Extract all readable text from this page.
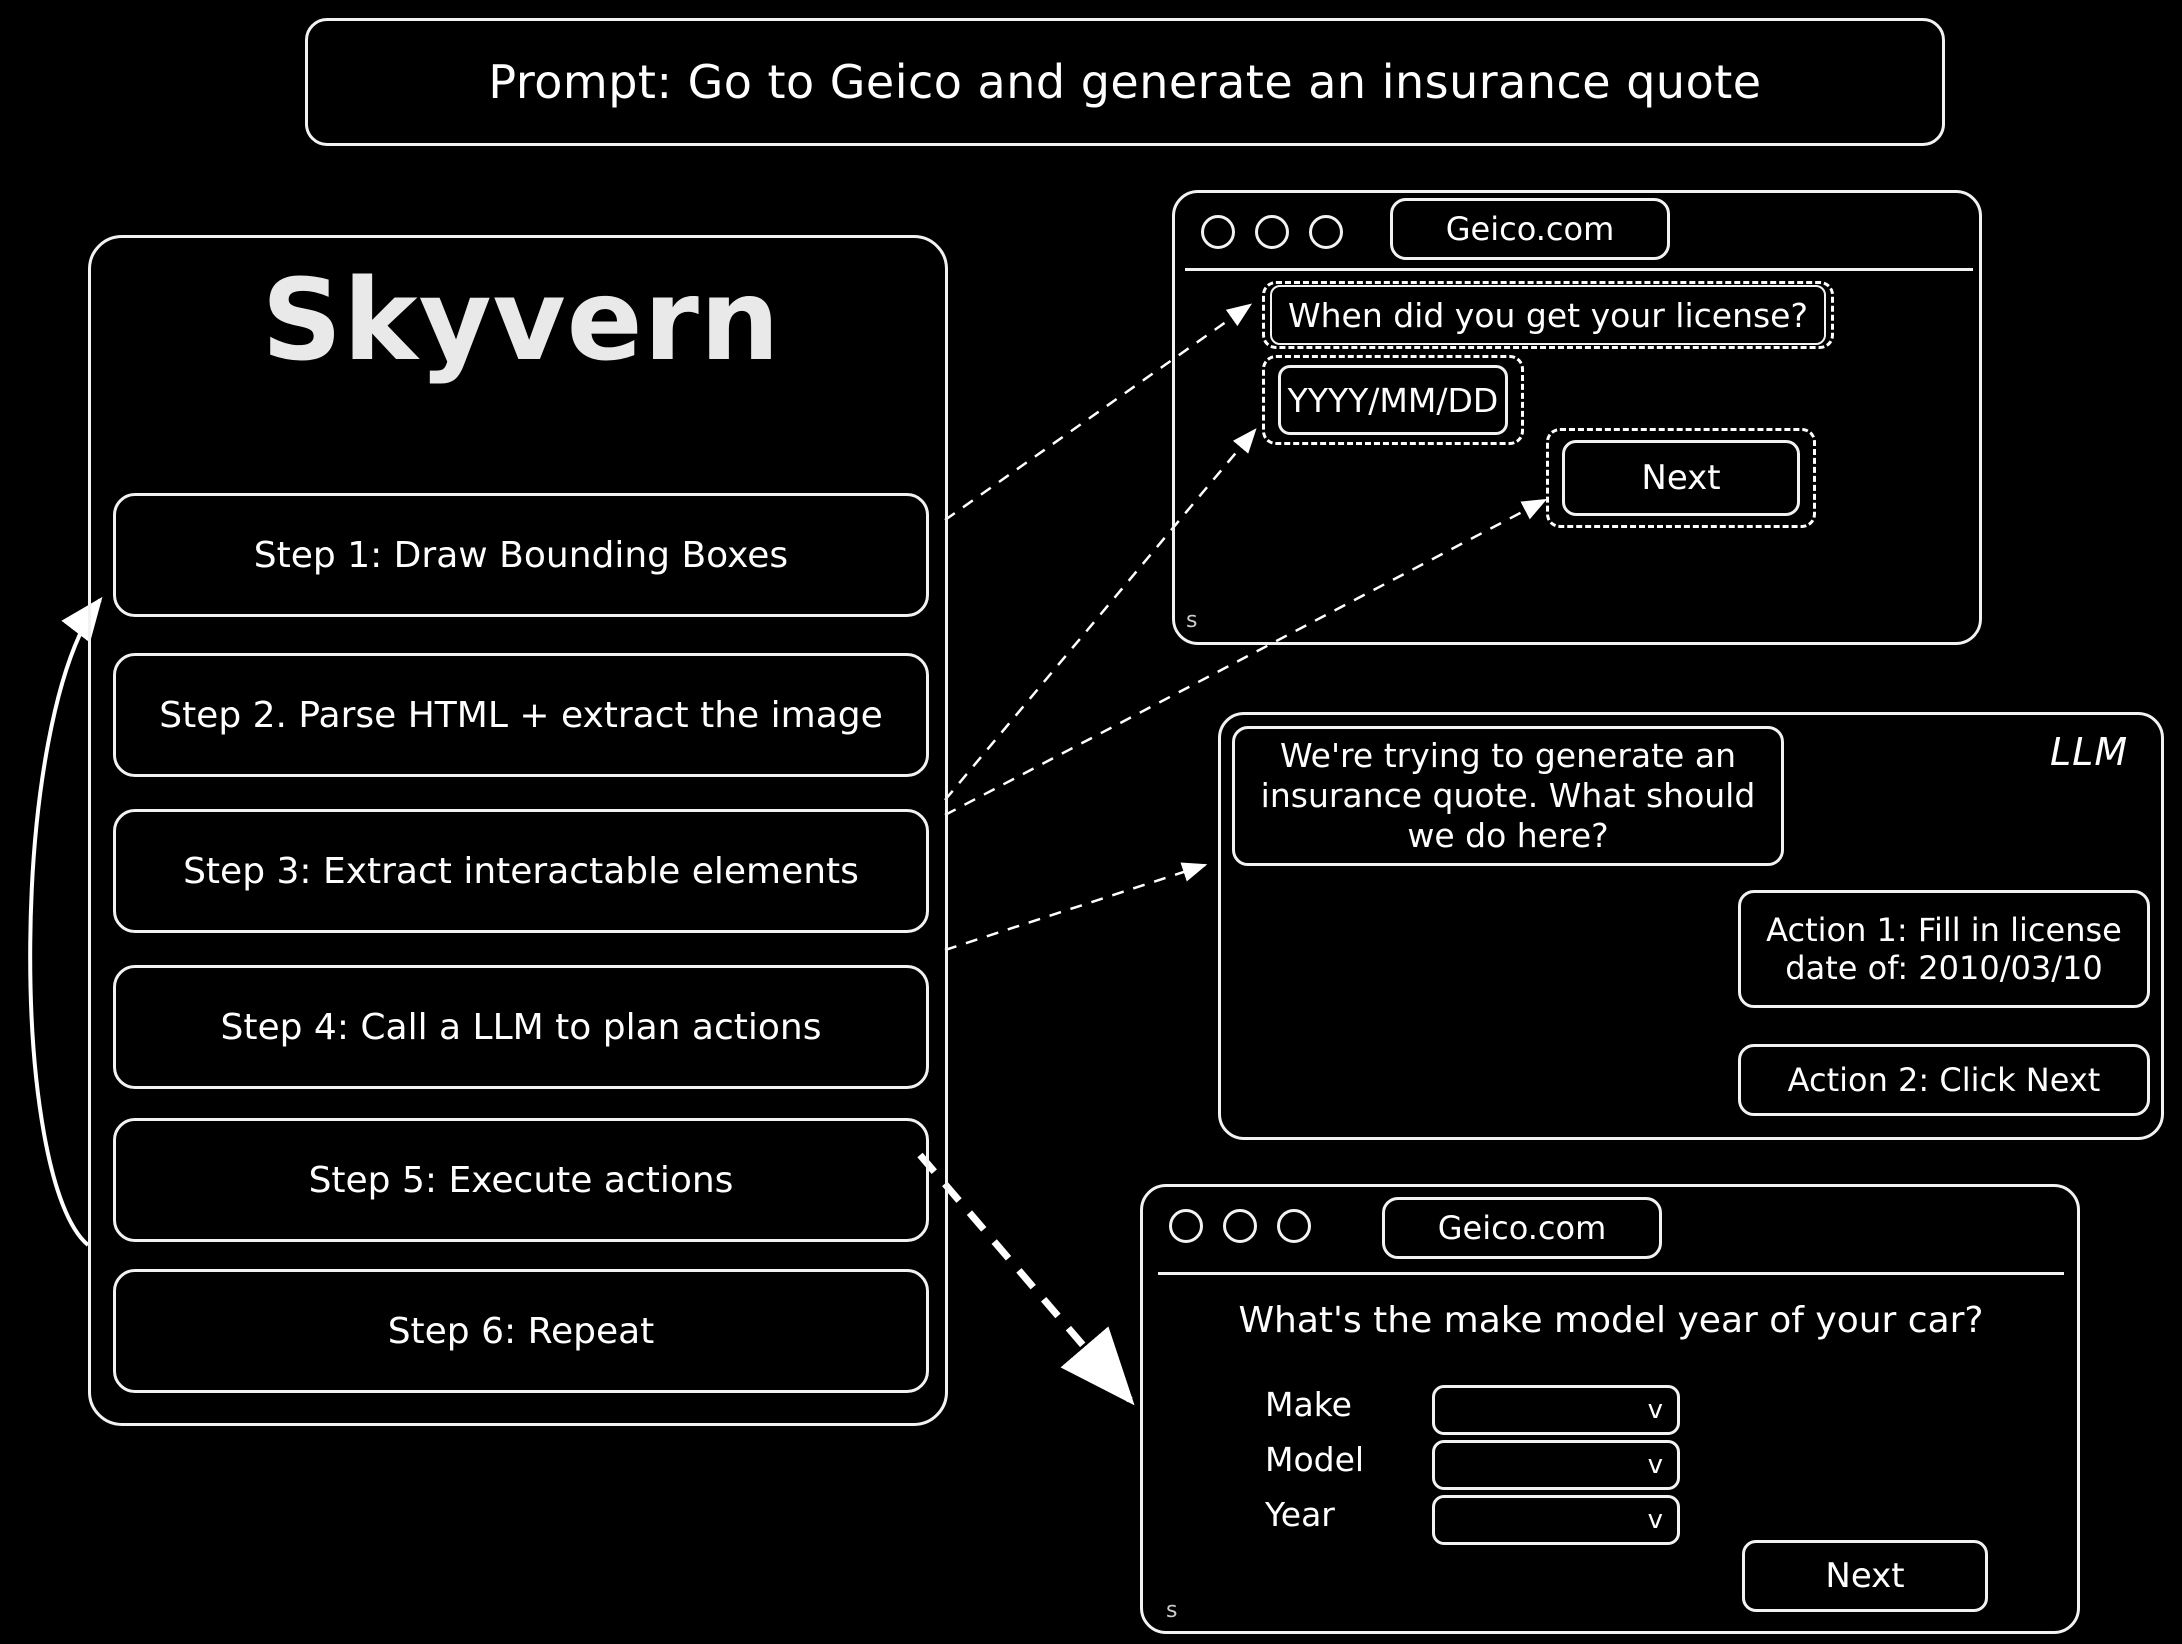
Prompt: Go to Geico and generate an insurance quote
Skyvern
Step 1: Draw Bounding Boxes
Step 2. Parse HTML + extract the image
Step 3: Extract interactable elements
Step 4: Call a LLM to plan actions
Step 5: Execute actions
Step 6: Repeat
Geico.com
When did you get your license?
YYYY/MM/DD
Next
s
LLM
We're trying to generate an insurance quote. What should we do here?
Action 1: Fill in license date of: 2010/03/10
Action 2: Click Next
Geico.com
What's the make model year of your car?
Make	v
Model	v
Year	v
Next
s
